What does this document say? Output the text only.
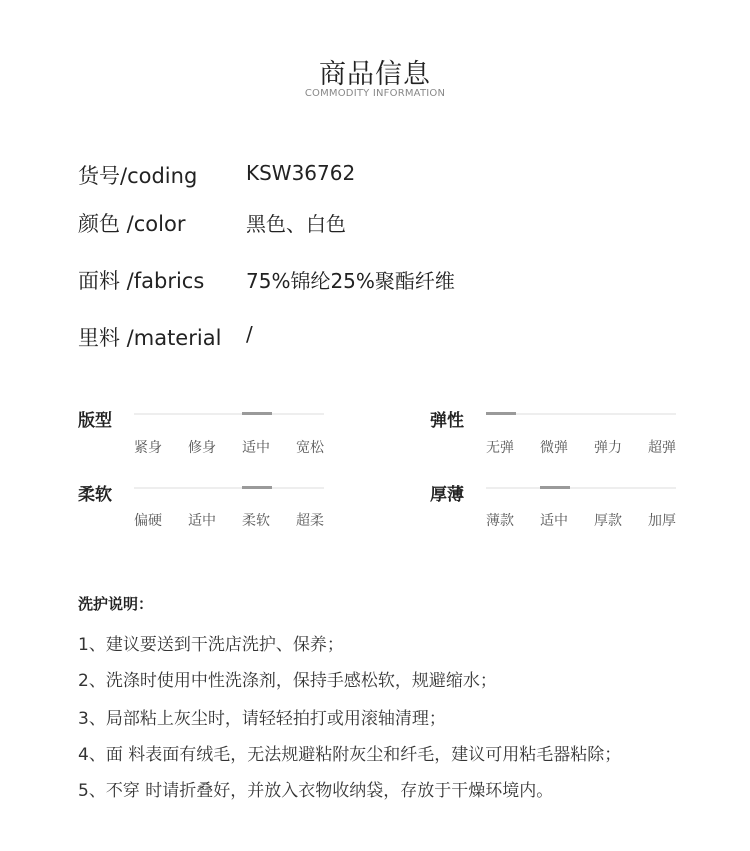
商品信息
COMMODITY INFORMATION
货号/coding KSW36762
颜色 /color	黑色、白色
面料 /fabrics 75%锦纶25%聚酯纤维
里料 /material /
版型
紧身 修身 适中 宽松
弹性
无弹 微弹 弹力 超弹
柔软
偏硬 适中 柔软 超柔
厚薄
薄款 适中 厚款 加厚
洗护说明：
1、建议要送到干洗店洗护、保养；
2、洗涤时使用中性洗涤剂，保持手感松软，规避缩水；
3、局部粘上灰尘时，请轻轻拍打或用滚轴清理；
4、面 料表面有绒毛，无法规避粘附灰尘和纤毛，建议可用粘毛器粘除；
5、不穿 时请折叠好，并放入衣物收纳袋，存放于干燥环境内。
